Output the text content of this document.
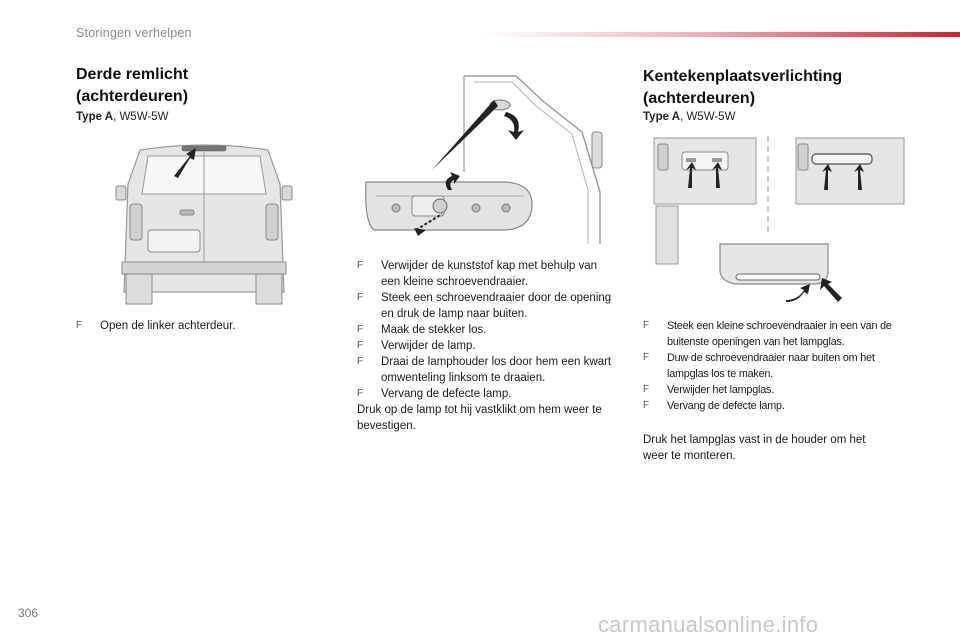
Storingen verhelpen
Derde remlicht
(achterdeuren)
Type A, W5W-5W
F Open de linker achterdeur.
F Verwijder de kunststof kap met behulp van een kleine schroevendraaier.
F Steek een schroevendraaier door de opening en druk de lamp naar buiten.
F Maak de stekker los.
F Verwijder de lamp.
F Draai de lamphouder los door hem een kwart omwenteling linksom te draaien.
F Vervang de defecte lamp.
Druk op de lamp tot hij vastklikt om hem weer te bevestigen.
Kentekenplaatsverlichting
(achterdeuren)
Type A, W5W-5W
F Steek een kleine schroevendraaier in een van de buitenste openingen van het lampglas.
F Duw de schroevendraaier naar buiten om het lampglas los te maken.
F Verwijder het lampglas.
F Vervang de defecte lamp.
Druk het lampglas vast in de houder om het weer te monteren.
306	carmanualsonline.info
